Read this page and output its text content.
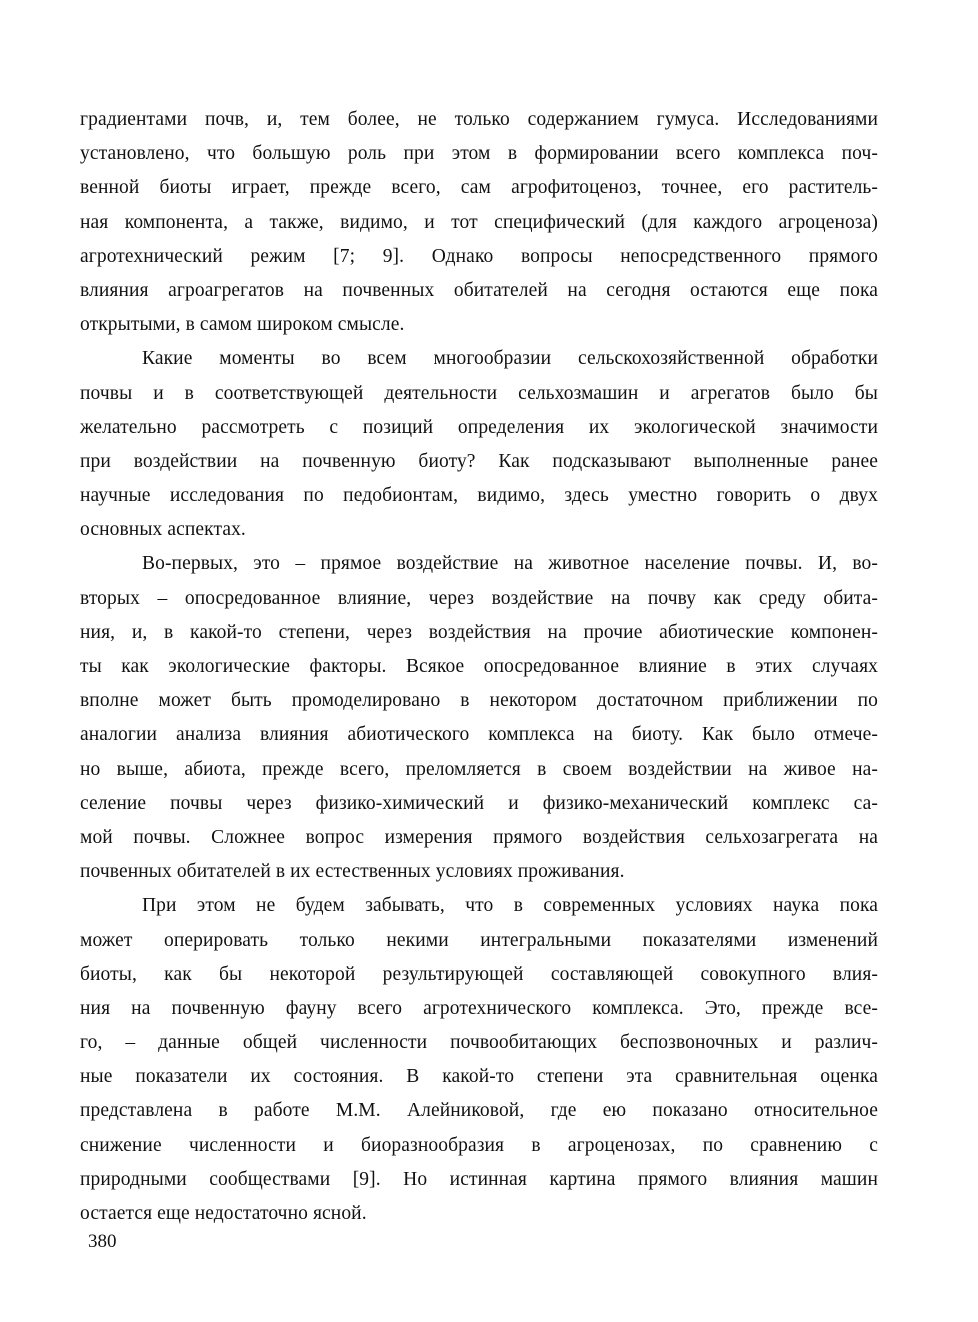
градиентами почв, и, тем более, не только содержанием гумуса. Исследованиями
установлено, что большую роль при этом в формировании всего комплекса поч-
венной биоты играет, прежде всего, сам агрофитоценоз, точнее, его раститель-
ная компонента, а также, видимо, и тот специфический (для каждого агроценоза)
агротехнический режим [7; 9]. Однако вопросы непосредственного прямого
влияния агроагрегатов на почвенных обитателей на сегодня остаются еще пока
открытыми, в самом широком смысле.
Какие моменты во всем многообразии сельскохозяйственной обработки
почвы и в соответствующей деятельности сельхозмашин и агрегатов было бы
желательно рассмотреть с позиций определения их экологической значимости
при воздействии на почвенную биоту? Как подсказывают выполненные ранее
научные исследования по педобионтам, видимо, здесь уместно говорить о двух
основных аспектах.
Во-первых, это – прямое воздействие на животное население почвы. И, во-
вторых – опосредованное влияние, через воздействие на почву как среду обита-
ния, и, в какой-то степени, через воздействия на прочие абиотические компонен-
ты как экологические факторы. Всякое опосредованное влияние в этих случаях
вполне может быть промоделировано в некотором достаточном приближении по
аналогии анализа влияния абиотического комплекса на биоту. Как было отмече-
но выше, абиота, прежде всего, преломляется в своем воздействии на живое на-
селение почвы через физико-химический и физико-механический комплекс са-
мой почвы. Сложнее вопрос измерения прямого воздействия сельхозагрегата на
почвенных обитателей в их естественных условиях проживания.
При этом не будем забывать, что в современных условиях наука пока
может оперировать только некими интегральными показателями изменений
биоты, как бы некоторой результирующей составляющей совокупного влия-
ния на почвенную фауну всего агротехнического комплекса. Это, прежде все-
го, – данные общей численности почвообитающих беспозвоночных и различ-
ные показатели их состояния. В какой-то степени эта сравнительная оценка
представлена в работе М.М. Алейниковой, где ею показано относительное
снижение численности и биоразнообразия в агроценозах, по сравнению с
природными сообществами [9]. Но истинная картина прямого влияния машин
остается еще недостаточно ясной.
380
